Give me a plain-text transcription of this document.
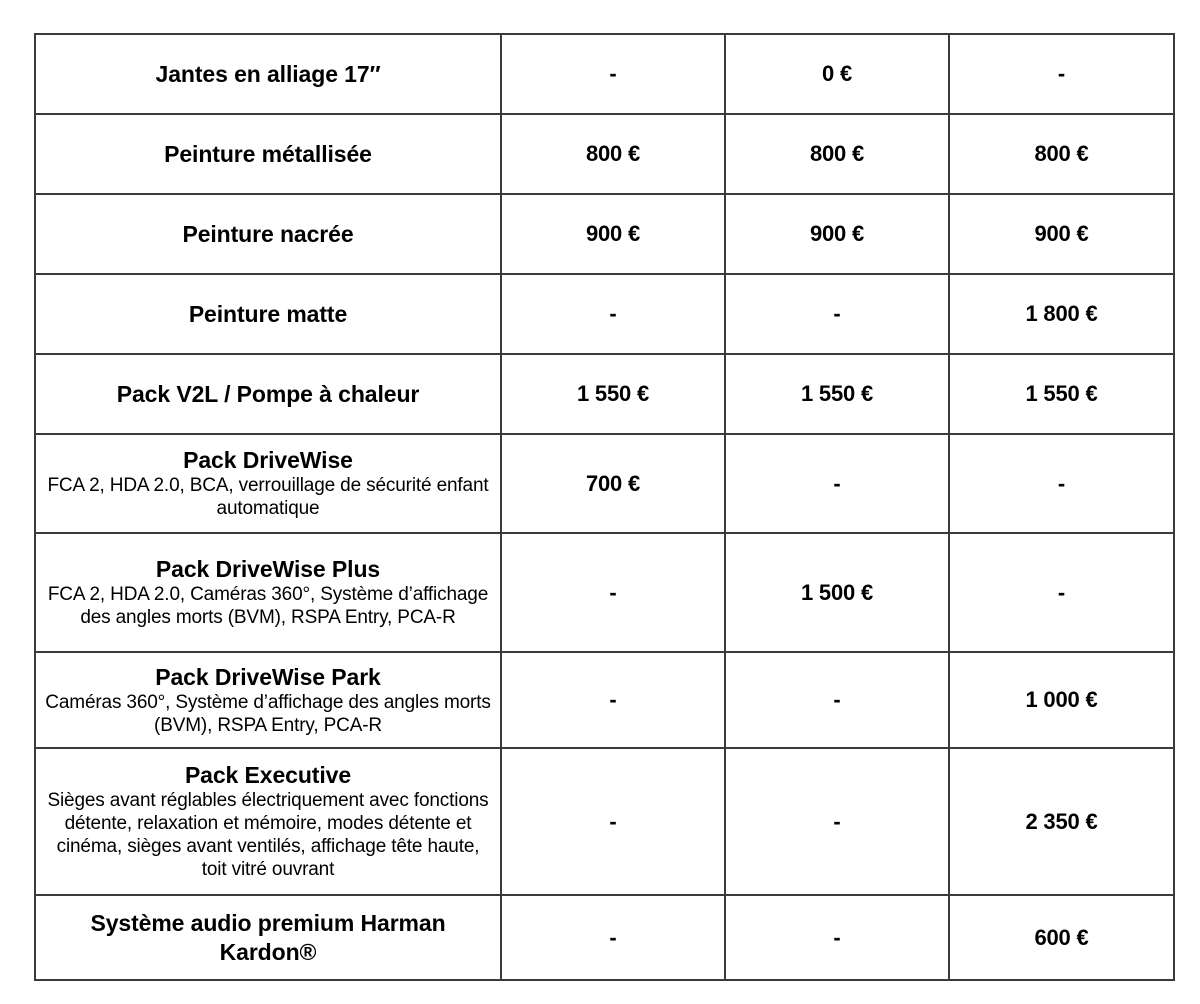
Jantes en alliage 17″	-	0 €	-

Peinture métallisée	800 €	800 €	800 €

Peinture nacrée	900 €	900 €	900 €

Peinture matte	-	-	1 800 €

Pack V2L / Pompe à chaleur	1 550 €	1 550 €	1 550 €

Pack DriveWise
FCA 2, HDA 2.0, BCA, verrouillage de sécurité enfant automatique	700 €	-	-

Pack DriveWise Plus
FCA 2, HDA 2.0, Caméras 360°, Système d’affichage des angles morts (BVM), RSPA Entry, PCA-R	-	1 500 €	-

Pack DriveWise Park
Caméras 360°, Système d’affichage des angles morts (BVM), RSPA Entry, PCA-R	-	-	1 000 €

Pack Executive
Sièges avant réglables électriquement avec fonctions détente, relaxation et mémoire, modes détente et cinéma, sièges avant ventilés, affichage tête haute, toit vitré ouvrant	-	-	2 350 €

Système audio premium Harman Kardon®	-	-	600 €
